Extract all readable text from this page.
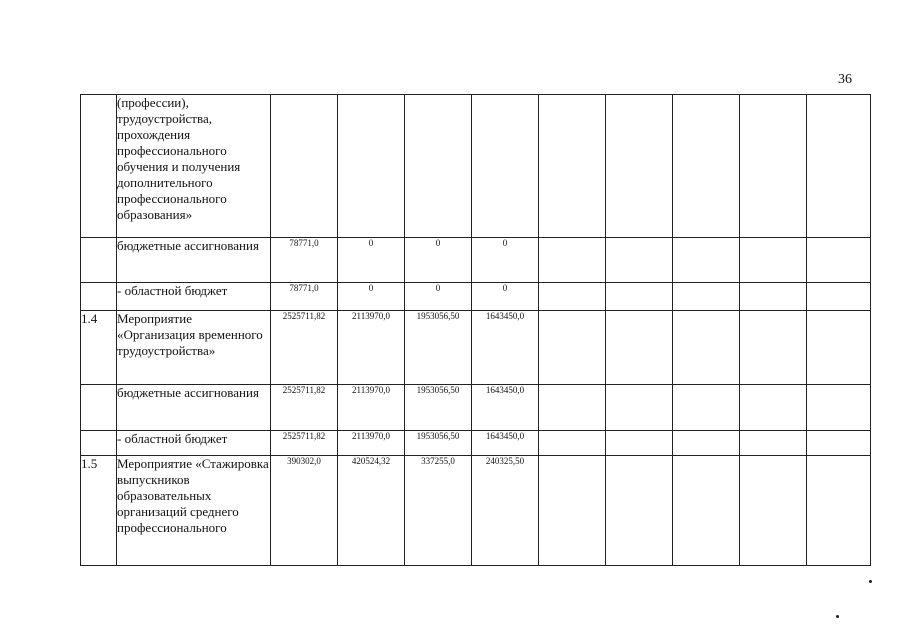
36
	(профессии), трудоустройства, прохождения профессионального обучения и получения дополнительного профессионального образования»									
	бюджетные ассигнования	78771,0	0	0	0					
	- областной бюджет	78771,0	0	0	0					
1.4	Мероприятие «Организация временного трудоустройства»	2525711,82	2113970,0	1953056,50	1643450,0					
	бюджетные ассигнования	2525711,82	2113970,0	1953056,50	1643450,0					
	- областной бюджет	2525711,82	2113970,0	1953056,50	1643450,0					
1.5	Мероприятие «Стажировка выпускников образовательных организаций среднего профессионального	390302,0	420524,32	337255,0	240325,50					
